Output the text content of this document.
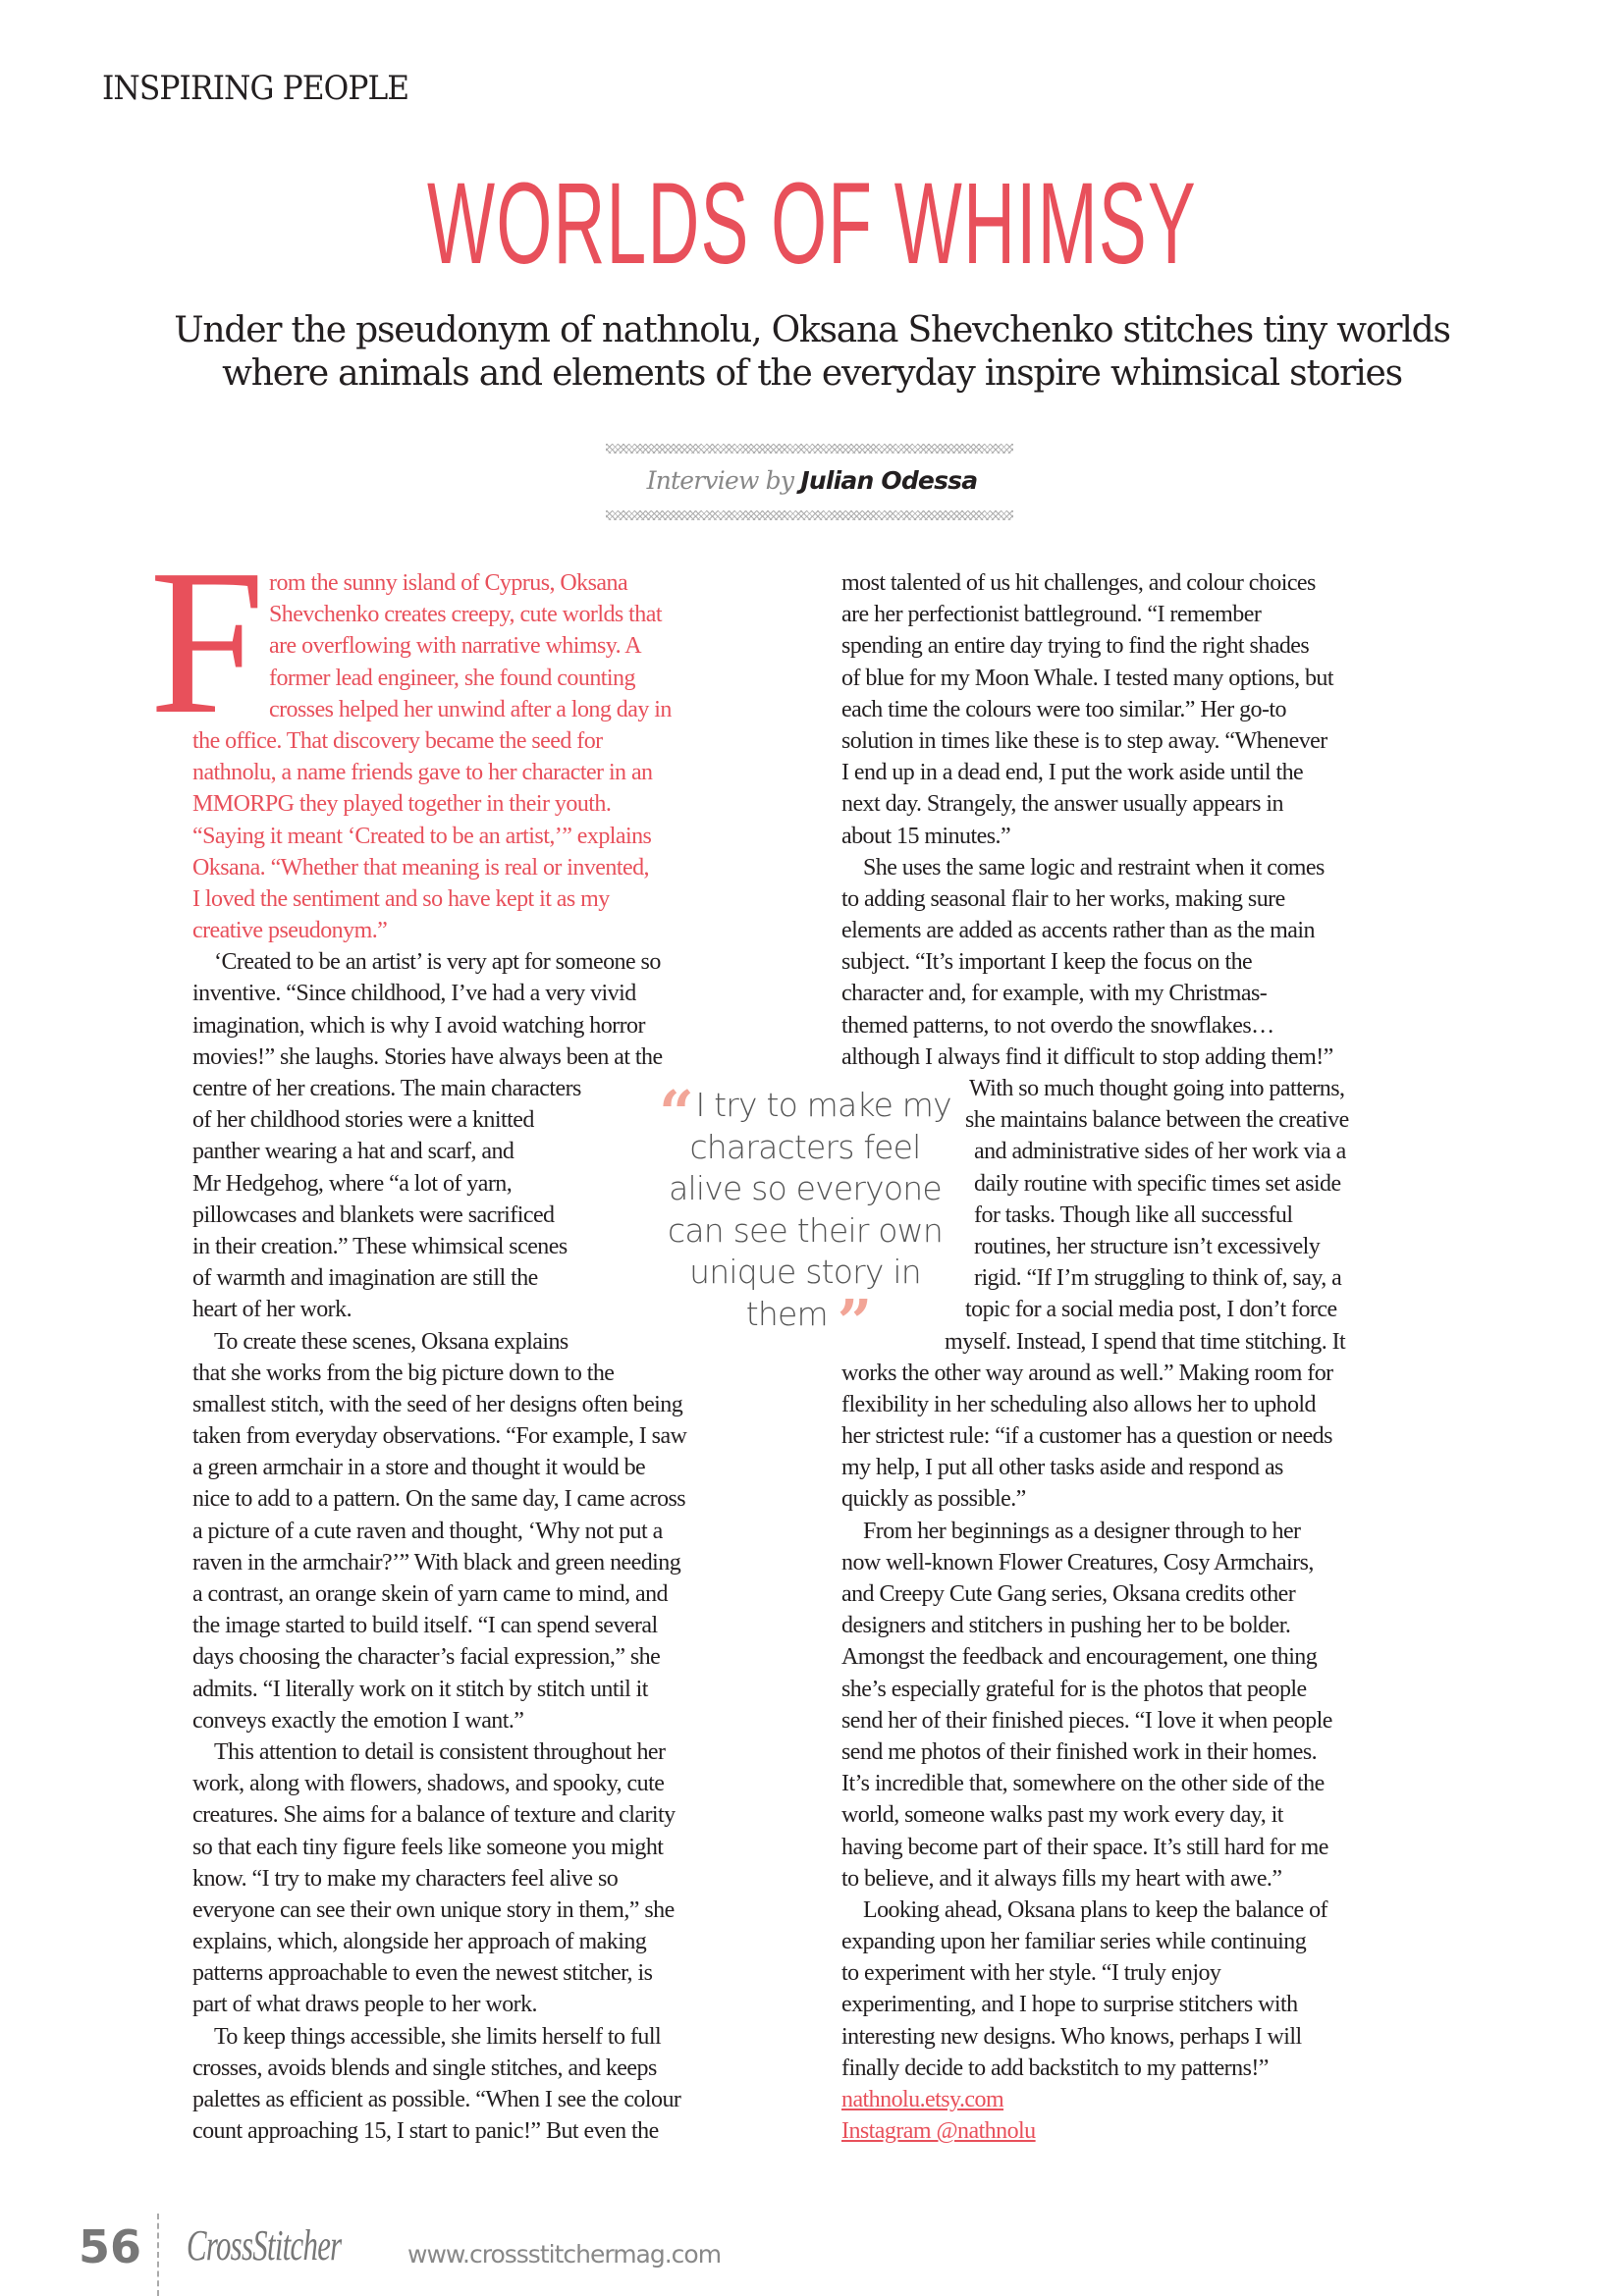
INSPIRING PEOPLE
WORLDS OF WHIMSY
Under the pseudonym of nathnolu, Oksana Shevchenko stitches tiny worlds
where animals and elements of the everyday inspire whimsical stories
Interview by Julian Odessa
F rom the sunny island of Cyprus, Oksana
Shevchenko creates creepy, cute worlds that
are overflowing with narrative whimsy. A
former lead engineer, she found counting
crosses helped her unwind after a long day in
the office. That discovery became the seed for
nathnolu, a name friends gave to her character in an
MMORPG they played together in their youth.
“Saying it meant ‘Created to be an artist,’” explains
Oksana. “Whether that meaning is real or invented,
I loved the sentiment and so have kept it as my
creative pseudonym.”
‘Created to be an artist’ is very apt for someone so
inventive. “Since childhood, I’ve had a very vivid
imagination, which is why I avoid watching horror
movies!” she laughs. Stories have always been at the
centre of her creations. The main characters
of her childhood stories were a knitted
panther wearing a hat and scarf, and
Mr Hedgehog, where “a lot of yarn,
pillowcases and blankets were sacrificed
in their creation.” These whimsical scenes
of warmth and imagination are still the
heart of her work.
To create these scenes, Oksana explains
that she works from the big picture down to the
smallest stitch, with the seed of her designs often being
taken from everyday observations. “For example, I saw
a green armchair in a store and thought it would be
nice to add to a pattern. On the same day, I came across
a picture of a cute raven and thought, ‘Why not put a
raven in the armchair?’” With black and green needing
a contrast, an orange skein of yarn came to mind, and
the image started to build itself. “I can spend several
days choosing the character’s facial expression,” she
admits. “I literally work on it stitch by stitch until it
conveys exactly the emotion I want.”
This attention to detail is consistent throughout her
work, along with flowers, shadows, and spooky, cute
creatures. She aims for a balance of texture and clarity
so that each tiny figure feels like someone you might
know. “I try to make my characters feel alive so
everyone can see their own unique story in them,” she
explains, which, alongside her approach of making
patterns approachable to even the newest stitcher, is
part of what draws people to her work.
To keep things accessible, she limits herself to full
crosses, avoids blends and single stitches, and keeps
palettes as efficient as possible. “When I see the colour
count approaching 15, I start to panic!” But even the
most talented of us hit challenges, and colour choices
are her perfectionist battleground. “I remember
spending an entire day trying to find the right shades
of blue for my Moon Whale. I tested many options, but
each time the colours were too similar.” Her go-to
solution in times like these is to step away. “Whenever
I end up in a dead end, I put the work aside until the
next day. Strangely, the answer usually appears in
about 15 minutes.”
She uses the same logic and restraint when it comes
to adding seasonal flair to her works, making sure
elements are added as accents rather than as the main
subject. “It’s important I keep the focus on the
character and, for example, with my Christmas-
themed patterns, to not overdo the snowflakes…
although I always find it difficult to stop adding them!”
With so much thought going into patterns,
she maintains balance between the creative
and administrative sides of her work via a
daily routine with specific times set aside
for tasks. Though like all successful
routines, her structure isn’t excessively
rigid. “If I’m struggling to think of, say, a
topic for a social media post, I don’t force
myself. Instead, I spend that time stitching. It
works the other way around as well.” Making room for
flexibility in her scheduling also allows her to uphold
her strictest rule: “if a customer has a question or needs
my help, I put all other tasks aside and respond as
quickly as possible.”
From her beginnings as a designer through to her
now well-known Flower Creatures, Cosy Armchairs,
and Creepy Cute Gang series, Oksana credits other
designers and stitchers in pushing her to be bolder.
Amongst the feedback and encouragement, one thing
she’s especially grateful for is the photos that people
send her of their finished pieces. “I love it when people
send me photos of their finished work in their homes.
It’s incredible that, somewhere on the other side of the
world, someone walks past my work every day, it
having become part of their space. It’s still hard for me
to believe, and it always fills my heart with awe.”
Looking ahead, Oksana plans to keep the balance of
expanding upon her familiar series while continuing
to experiment with her style. “I truly enjoy
experimenting, and I hope to surprise stitchers with
interesting new designs. Who knows, perhaps I will
finally decide to add backstitch to my patterns!”
nathnolu.etsy.com
Instagram @nathnolu
“ I try to make my characters feel alive so everyone can see their own unique story in them ”
56 CrossStitcher	www.crossstitchermag.com
